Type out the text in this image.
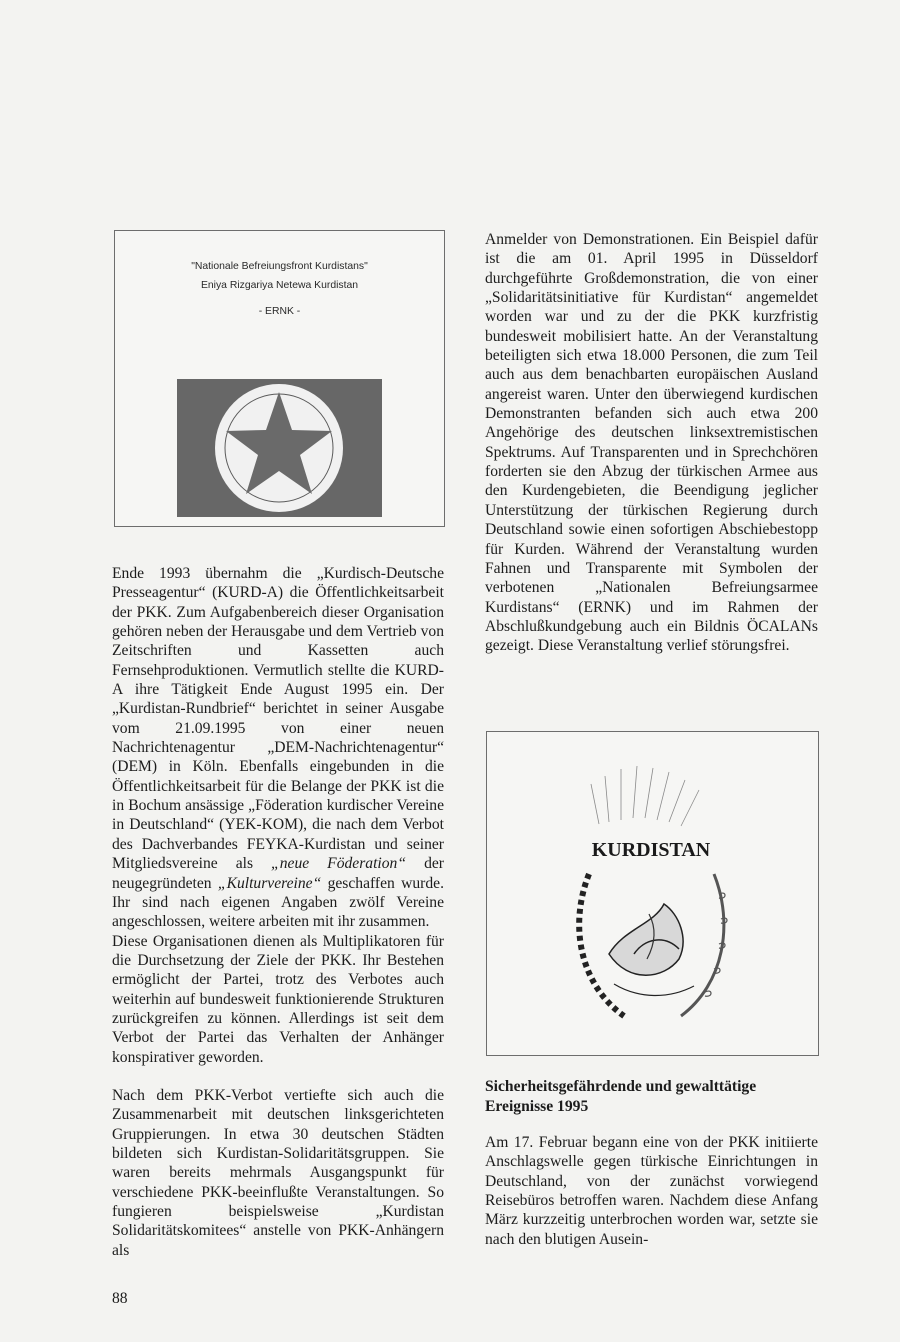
"Nationale Befreiungsfront Kurdistans"
Eniya Rizgariya Netewa Kurdistan
- ERNK -

Ende 1993 übernahm die „Kurdisch-Deutsche Presseagentur“ (KURD-A) die Öffentlichkeitsarbeit der PKK. Zum Aufgabenbereich dieser Organisation gehören neben der Herausgabe und dem Vertrieb von Zeitschriften und Kassetten auch Fernsehproduktionen. Vermutlich stellte die KURD-A ihre Tätigkeit Ende August 1995 ein. Der „Kurdistan-Rundbrief“ berichtet in seiner Ausgabe vom 21.09.1995 von einer neuen Nachrichtenagentur „DEM-Nachrichtenagentur“ (DEM) in Köln. Ebenfalls eingebunden in die Öffentlichkeitsarbeit für die Belange der PKK ist die in Bochum ansässige „Föderation kurdischer Vereine in Deutschland“ (YEK-KOM), die nach dem Verbot des Dachverbandes FEYKA-Kurdistan und seiner Mitgliedsvereine als „neue Föderation“ der neugegründeten „Kulturvereine“ geschaffen wurde. Ihr sind nach eigenen Angaben zwölf Vereine angeschlossen, weitere arbeiten mit ihr zusammen.

Diese Organisationen dienen als Multiplikatoren für die Durchsetzung der Ziele der PKK. Ihr Bestehen ermöglicht der Partei, trotz des Verbotes auch weiterhin auf bundesweit funktionierende Strukturen zurückgreifen zu können. Allerdings ist seit dem Verbot der Partei das Verhalten der Anhänger konspirativer geworden.

Nach dem PKK-Verbot vertiefte sich auch die Zusammenarbeit mit deutschen linksgerichteten Gruppierungen. In etwa 30 deutschen Städten bildeten sich Kurdistan-Solidaritätsgruppen. Sie waren bereits mehrmals Ausgangspunkt für verschiedene PKK-beeinflußte Veranstaltungen. So fungieren beispielsweise „Kurdistan Solidaritätskomitees“ anstelle von PKK-Anhängern als

Anmelder von Demonstrationen. Ein Beispiel dafür ist die am 01. April 1995 in Düsseldorf durchgeführte Großdemonstration, die von einer „Solidaritätsinitiative für Kurdistan“ angemeldet worden war und zu der die PKK kurzfristig bundesweit mobilisiert hatte. An der Veranstaltung beteiligten sich etwa 18.000 Personen, die zum Teil auch aus dem benachbarten europäischen Ausland angereist waren. Unter den überwiegend kurdischen Demonstranten befanden sich auch etwa 200 Angehörige des deutschen linksextremistischen Spektrums. Auf Transparenten und in Sprechchören forderten sie den Abzug der türkischen Armee aus den Kurdengebieten, die Beendigung jeglicher Unterstützung der türkischen Regierung durch Deutschland sowie einen sofortigen Abschiebestopp für Kurden. Während der Veranstaltung wurden Fahnen und Transparente mit Symbolen der verbotenen „Nationalen Befreiungsarmee Kurdistans“ (ERNK) und im Rahmen der Abschlußkundgebung auch ein Bildnis ÖCALANs gezeigt. Diese Veranstaltung verlief störungsfrei.

KURDISTAN
Sicherheitsgefährdende und gewalttätige Ereignisse 1995

Am 17. Februar begann eine von der PKK initiierte Anschlagswelle gegen türkische Einrichtungen in Deutschland, von der zunächst vorwiegend Reisebüros betroffen waren. Nachdem diese Anfang März kurzzeitig unterbrochen worden war, setzte sie nach den blutigen Ausein-

88
